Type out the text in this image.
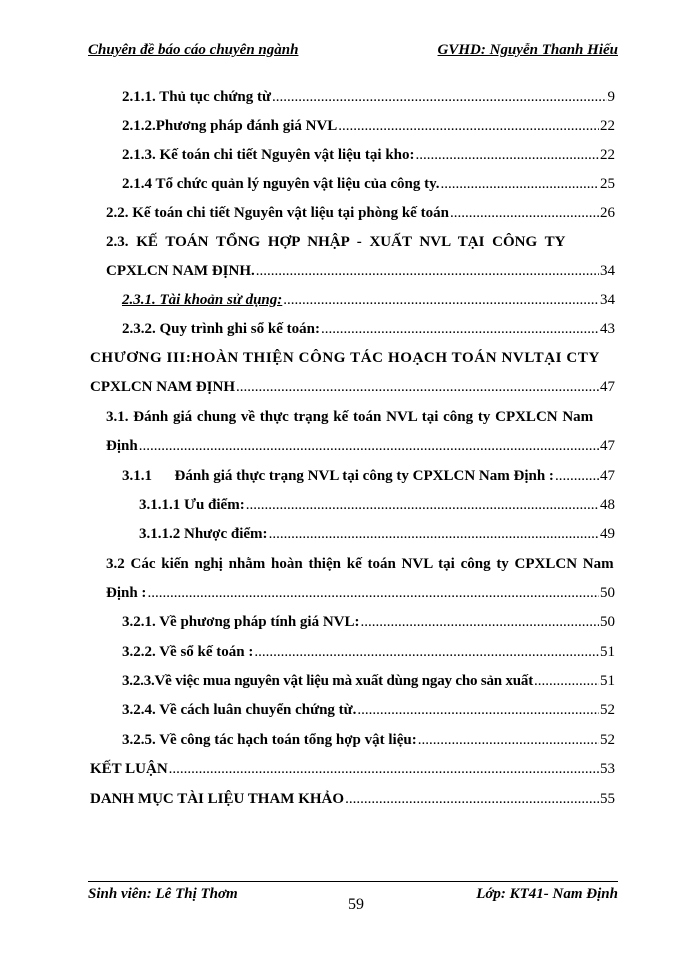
Chuyên đề báo cáo chuyên ngành	GVHD: Nguyễn Thanh Hiếu
2.1.1. Thủ tục chứng từ .....	9
2.1.2.Phương pháp đánh giá NVL .....	22
2.1.3. Kế toán chi tiết Nguyên vật liệu tại kho: .....	22
2.1.4 Tổ chức quản lý nguyên vật liệu của công ty. .....	25
2.2. Kế toán chi tiết Nguyên vật liệu tại phòng kế toán .....	26
2.3. KẾ TOÁN TỔNG HỢP NHẬP - XUẤT NVL TẠI CÔNG TY
CPXLCN NAM ĐỊNH. .....	34
2.3.1. Tài khoản sử dụng: .....	34
2.3.2. Quy trình ghi sổ kế toán: .....	43
CHƯƠNG III:HOÀN THIỆN CÔNG TÁC HOẠCH TOÁN NVLTẠI CTY
CPXLCN NAM ĐỊNH .....	47
3.1. Đánh giá chung về thực trạng kế toán NVL tại công ty CPXLCN Nam
Định .....	47
3.1.1      Đánh giá thực trạng NVL tại công ty CPXLCN Nam Định : .....	47
3.1.1.1 Ưu điểm: .....	48
3.1.1.2 Nhược điểm: .....	49
3.2 Các kiến nghị nhằm hoàn thiện kế toán NVL tại công ty CPXLCN Nam
Định : .....	50
3.2.1. Về phương pháp tính giá NVL: .....	50
3.2.2. Về sổ kế toán : .....	51
3.2.3.Về việc mua nguyên vật liệu mà xuất dùng ngay cho sản xuất .....	51
3.2.4. Về cách luân chuyển chứng từ. .....	52
3.2.5. Về công tác hạch toán tổng hợp vật liệu: .....	52
KẾT LUẬN .....	53
DANH MỤC TÀI LIỆU THAM KHẢO .....	55
Sinh viên: Lê Thị Thơm
59
Lớp: KT41- Nam Định
